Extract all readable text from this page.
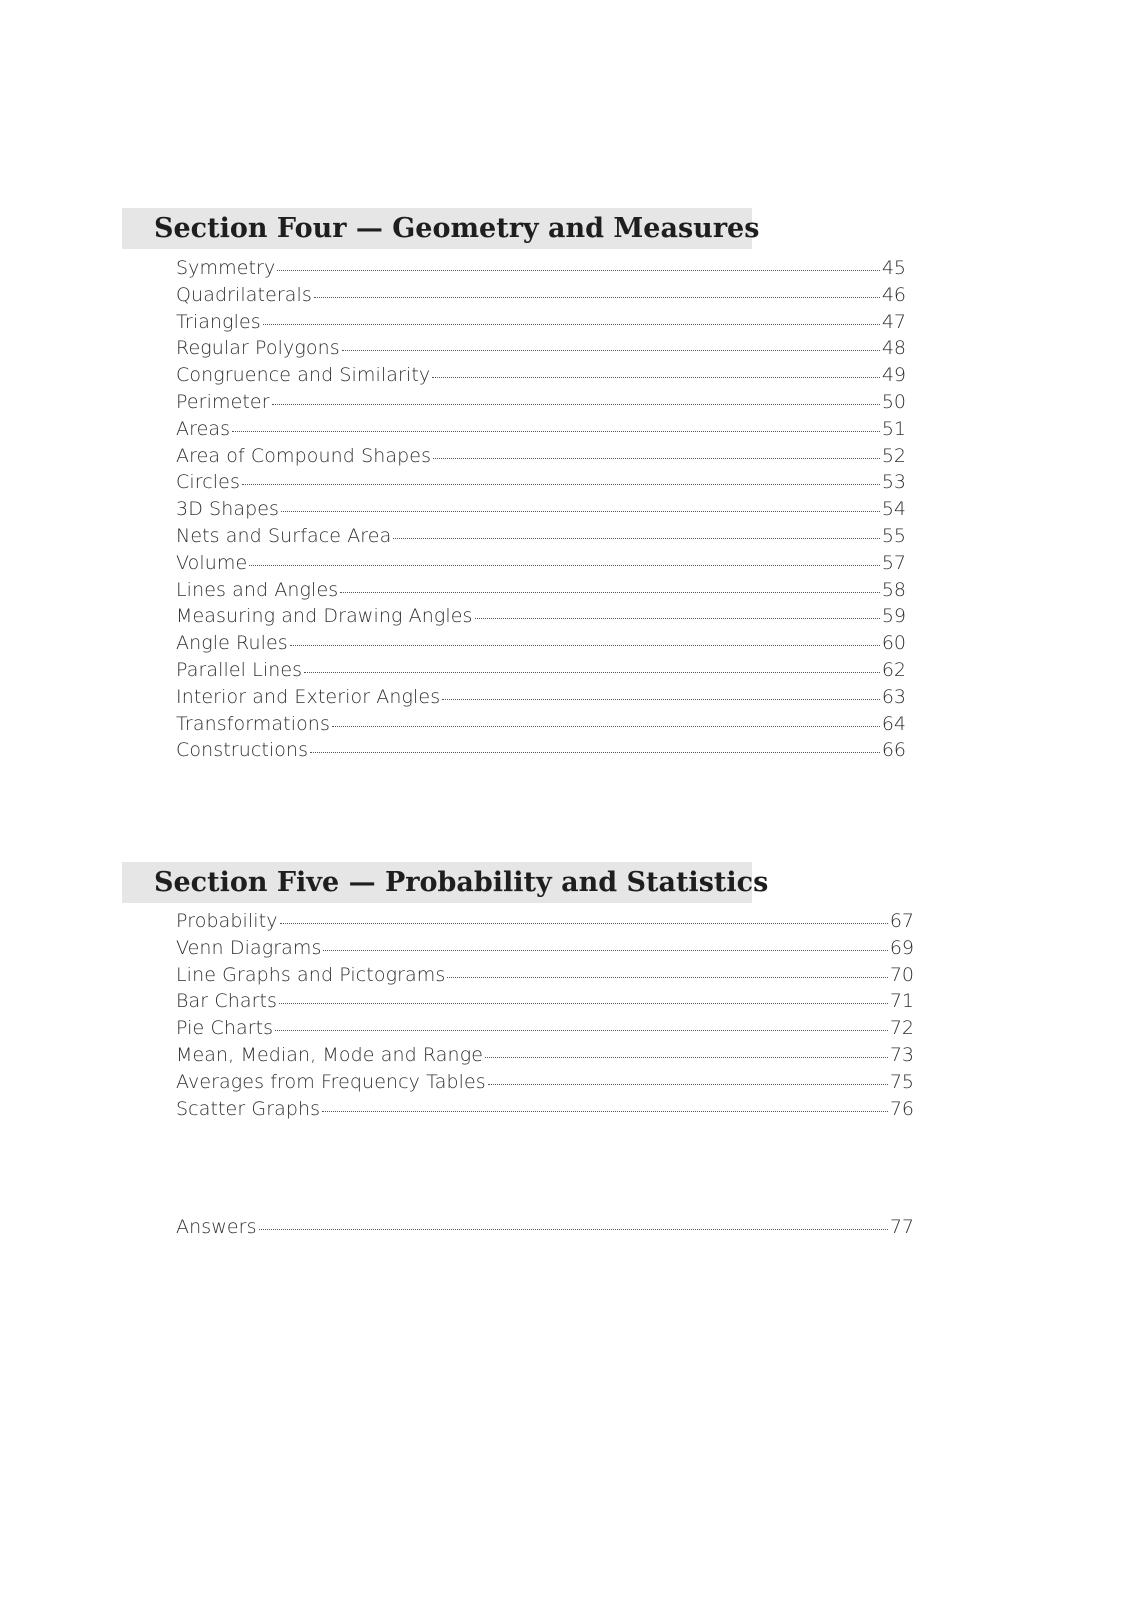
Section Four — Geometry and Measures
Symmetry	45
Quadrilaterals	46
Triangles	47
Regular Polygons	48
Congruence and Similarity	49
Perimeter	50
Areas	51
Area of Compound Shapes	52
Circles	53
3D Shapes	54
Nets and Surface Area	55
Volume	57
Lines and Angles	58
Measuring and Drawing Angles	59
Angle Rules	60
Parallel Lines	62
Interior and Exterior Angles	63
Transformations	64
Constructions	66
Section Five — Probability and Statistics
Probability	67
Venn Diagrams	69
Line Graphs and Pictograms	70
Bar Charts	71
Pie Charts	72
Mean, Median, Mode and Range	73
Averages from Frequency Tables	75
Scatter Graphs	76
Answers	77
